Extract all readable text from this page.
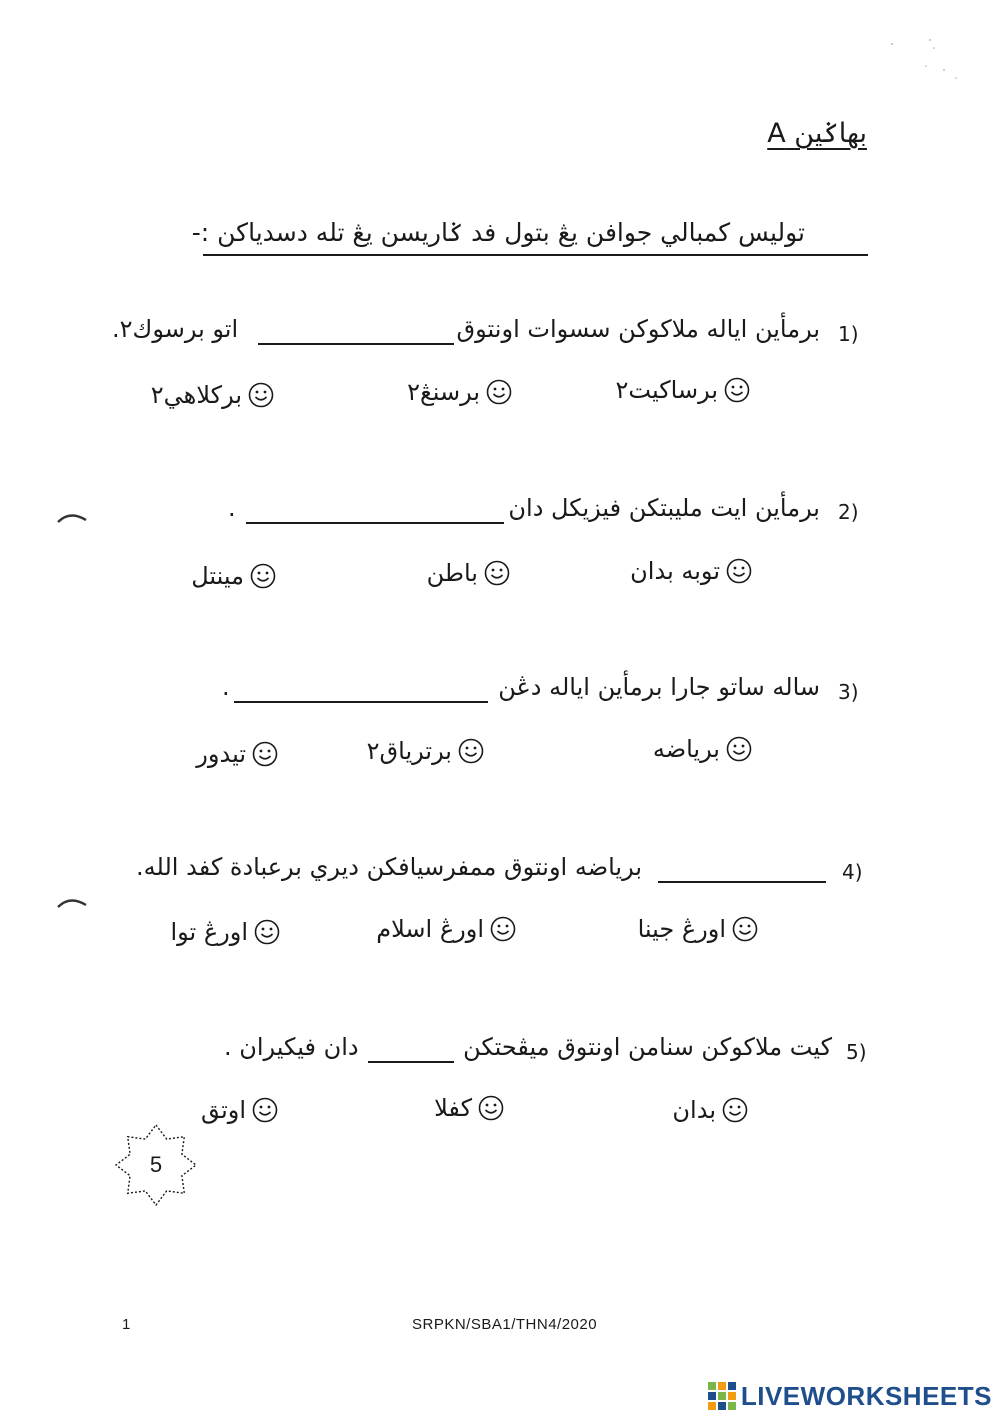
بهاݢين A
توليس كمبالي جوافن يڠ بتول فد ݢاريسن يڠ تله دسدياكن :-
1)
برمأين اياله ملاكوكن سسوات اونتوق
اتو برسوك٢.
برساكيت٢
برسنڠ٢
بركلاهي٢
2)
برمأين ايت مليبتكن فيزيكل دان
.
توبه بدان
باطن
مينتل
3)
ساله ساتو جارا برمأين اياله دڠن
.
برياضه
برترياق٢
تيدور
4)
برياضه اونتوق ممفرسيافكن ديري برعبادة كفد الله.
اورڠ جينا
اورڠ اسلام
اورڠ توا
5)
كيت ملاكوكن سنامن اونتوق ميڤحتكن
دان فيكيران .
بدان
كفلا
اوتق
5
1	SRPKN/SBA1/THN4/2020
LIVEWORKSHEETS
